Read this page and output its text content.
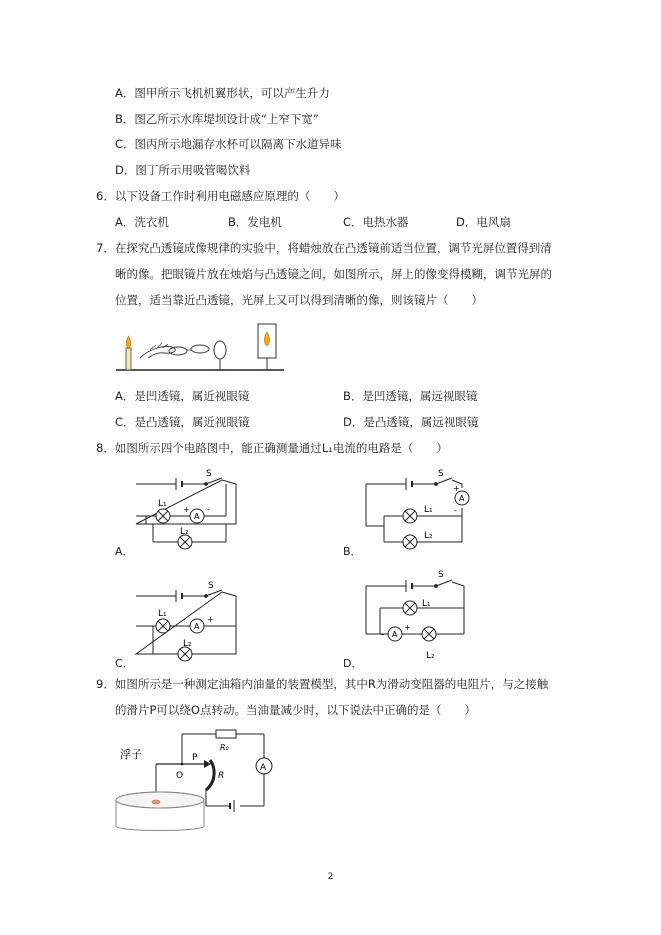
A．图甲所示飞机机翼形状，可以产生升力
B．图乙所示水库堤坝设计成“上窄下宽”
C．图丙所示地漏存水杯可以隔离下水道异味
D．图丁所示用吸管喝饮料
6．以下设备工作时利用电磁感应原理的（　　）
A．洗衣机	B．发电机	C．电热水器	D．电风扇
7．在探究凸透镜成像规律的实验中，将蜡烛放在凸透镜前适当位置，调节光屏位置得到清
晰的像。把眼镜片放在烛焰与凸透镜之间，如图所示，屏上的像变得模糊，调节光屏的
位置，适当靠近凸透镜，光屏上又可以得到清晰的像，则该镜片（　　）
A．是凹透镜，属近视眼镜	B．是凹透镜，属远视眼镜
C．是凸透镜，属近视眼镜	D．是凸透镜，属远视眼镜
8．如图所示四个电路图中，能正确测量通过L₁电流的电路是（　　）
S
L₁
L₂
A
+ -
A．
S
L₁
L₂
A
+
-
B．
S
L₁
L₂
A
-	+
C．
S
L₁
L₂
A
-
+
D．
9．如图所示是一种测定油箱内油量的装置模型，其中R为滑动变阻器的电阻片，与之接触
的滑片P可以绕O点转动。当油量减少时，以下说法中正确的是（　　）
浮子
O
P
R
R₀
A
2
